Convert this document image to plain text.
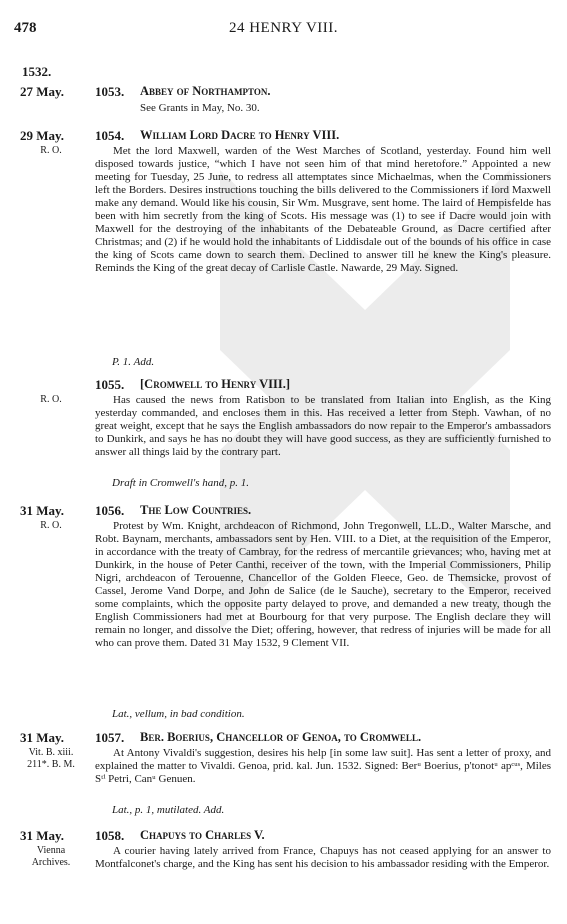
478	24 HENRY VIII.
1532.
27 May. 1053. Abbey of Northampton.
See Grants in May, No. 30.
29 May.
R. O.
1054. William Lord Dacre to Henry VIII.
Met the lord Maxwell, warden of the West Marches of Scotland, yesterday. Found him well disposed towards justice, “which I have not seen him of that mind heretofore.” Appointed a new meeting for Tuesday, 25 June, to redress all attemptates since Michaelmas, when the Commissioners left the Borders. Desires instructions touching the bills delivered to the Commissioners if lord Maxwell make any demand. Would like his cousin, Sir Wm. Musgrave, sent home. The laird of Hempisfelde has been with him secretly from the king of Scots. His message was (1) to see if Dacre would join with Maxwell for the destroying of the inhabitants of the Debateable Ground, as Dacre certified after Christmas; and (2) if he would hold the inhabitants of Liddisdale out of the bounds of his office in case the king of Scots came down to search them. Declined to answer till he knew the King's pleasure. Reminds the King of the great decay of Carlisle Castle. Nawarde, 29 May. Signed.
P. 1. Add.
R. O.
1055. [Cromwell to Henry VIII.]
Has caused the news from Ratisbon to be translated from Italian into English, as the King yesterday commanded, and encloses them in this. Has received a letter from Steph. Vawhan, of no great weight, except that he says the English ambassadors do now repair to the Emperor's ambassadors to Dunkirk, and says he has no doubt they will have good success, as they are sufficiently furnished to answer all things laid by the contrary part.
Draft in Cromwell's hand, p. 1.
31 May.
R. O.
1056. The Low Countries.
Protest by Wm. Knight, archdeacon of Richmond, John Tregonwell, LL.D., Walter Marsche, and Robt. Baynam, merchants, ambassadors sent by Hen. VIII. to a Diet, at the requisition of the Emperor, in accordance with the treaty of Cambray, for the redress of mercantile grievances; who, having met at Dunkirk, in the house of Peter Canthi, receiver of the town, with the Imperial Commissioners, Philip Nigri, archdeacon of Terouenne, Chancellor of the Golden Fleece, Geo. de Themsicke, provost of Cassel, Jerome Vand Dorpe, and John de Salice (de le Sauche), secretary to the Emperor, received some complaints, which the opposite party delayed to prove, and demanded a new treaty, though the English Commissioners had met at Bourbourg for that very purpose. The English declare they will remain no longer, and dissolve the Diet; offering, however, that redress of injuries will be made for all who can prove them. Dated 31 May 1532, 9 Clement VII.
Lat., vellum, in bad condition.
31 May.
Vit. B. xiii. 211*. B. M.
1057. Ber. Boerius, Chancellor of Genoa, to Cromwell.
At Antony Vivaldi's suggestion, desires his help [in some law suit]. Has sent a letter of proxy, and explained the matter to Vivaldi. Genoa, prid. kal. Jun. 1532. Signed: Berᵘ Boerius, p'tonotᵘ apᶜᵘˢ, Miles Sᵗⁱ Petri, Canᵘ Genuen.
Lat., p. 1, mutilated. Add.
31 May.
Vienna Archives.
1058. Chapuys to Charles V.
A courier having lately arrived from France, Chapuys has not ceased applying for an answer to Montfalconet's charge, and the King has sent his decision to his ambassador residing with the Emperor.
